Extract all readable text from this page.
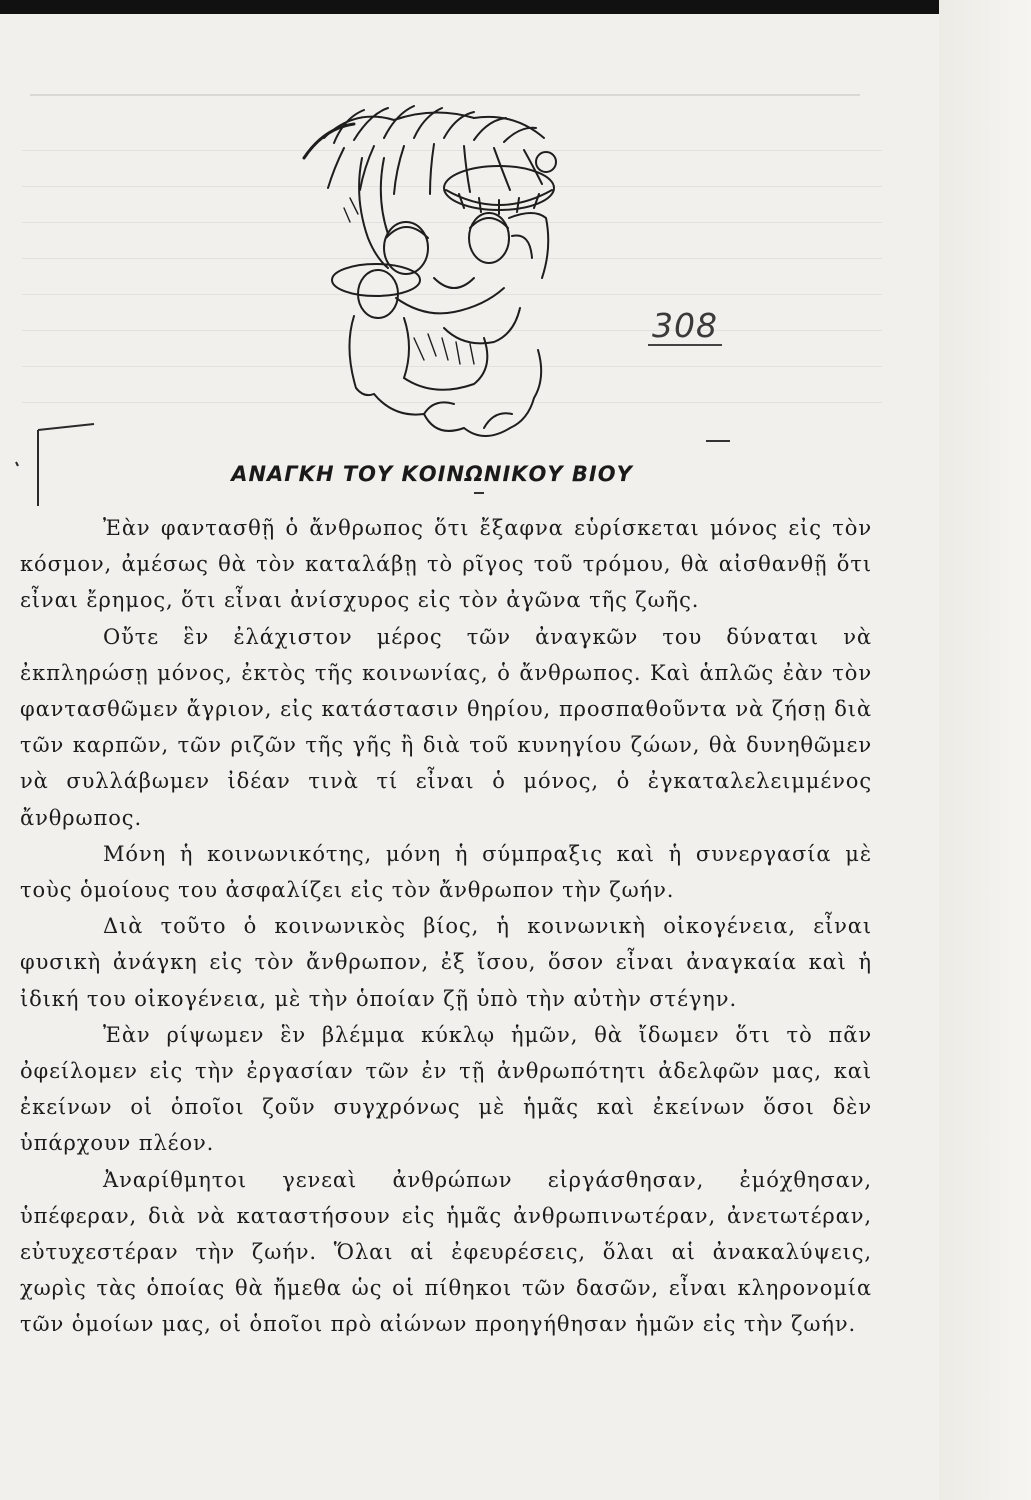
308
ΑΝΑΓΚΗ ΤΟΥ ΚΟΙΝΩΝΙΚΟΥ ΒΙΟΥ

Ἐὰν φαντασθῇ ὁ ἄνθρωπος ὅτι ἔξαφνα εὑρίσκεται μόνος εἰς τὸν κόσμον, ἀμέσως θὰ τὸν καταλάβῃ τὸ ρῖγος τοῦ τρόμου, θὰ αἰσθανθῇ ὅτι εἶναι ἔρημος, ὅτι εἶναι ἀνίσχυρος εἰς τὸν ἀγῶνα τῆς ζωῆς.

Οὔτε ἓν ἐλάχιστον μέρος τῶν ἀναγκῶν του δύναται νὰ ἐκπληρώσῃ μόνος, ἐκτὸς τῆς κοινωνίας, ὁ ἄνθρωπος. Καὶ ἁπλῶς ἐὰν τὸν φαντασθῶμεν ἄγριον, εἰς κατάστασιν θηρίου, προσπαθοῦντα νὰ ζήσῃ διὰ τῶν καρπῶν, τῶν ριζῶν τῆς γῆς ἢ διὰ τοῦ κυνηγίου ζώων, θὰ δυνηθῶμεν νὰ συλλάβωμεν ἰδέαν τινὰ τί εἶναι ὁ μόνος, ὁ ἐγκαταλελειμμένος ἄνθρωπος.

Μόνη ἡ κοινωνικότης, μόνη ἡ σύμπραξις καὶ ἡ συνεργασία μὲ τοὺς ὁμοίους του ἀσφαλίζει εἰς τὸν ἄνθρωπον τὴν ζωήν.

Διὰ τοῦτο ὁ κοινωνικὸς βίος, ἡ κοινωνικὴ οἰκογένεια, εἶναι φυσικὴ ἀνάγκη εἰς τὸν ἄνθρωπον, ἐξ ἴσου, ὅσον εἶναι ἀναγκαία καὶ ἡ ἰδική του οἰκογένεια, μὲ τὴν ὁποίαν ζῇ ὑπὸ τὴν αὐτὴν στέγην.

Ἐὰν ρίψωμεν ἓν βλέμμα κύκλῳ ἡμῶν, θὰ ἴδωμεν ὅτι τὸ πᾶν ὀφείλομεν εἰς τὴν ἐργασίαν τῶν ἐν τῇ ἀνθρωπότητι ἀδελφῶν μας, καὶ ἐκείνων οἱ ὁποῖοι ζοῦν συγχρόνως μὲ ἡμᾶς καὶ ἐκείνων ὅσοι δὲν ὑπάρχουν πλέον.

Ἀναρίθμητοι γενεαὶ ἀνθρώπων εἰργάσθησαν, ἐμόχθησαν, ὑπέφεραν, διὰ νὰ καταστήσουν εἰς ἡμᾶς ἀνθρωπινωτέραν, ἀνετωτέραν, εὐτυχεστέραν τὴν ζωήν. Ὅλαι αἱ ἐφευρέσεις, ὅλαι αἱ ἀνακαλύψεις, χωρὶς τὰς ὁποίας θὰ ἤμεθα ὡς οἱ πίθηκοι τῶν δασῶν, εἶναι κληρονομία τῶν ὁμοίων μας, οἱ ὁποῖοι πρὸ αἰώνων προηγήθησαν ἡμῶν εἰς τὴν ζωήν.
